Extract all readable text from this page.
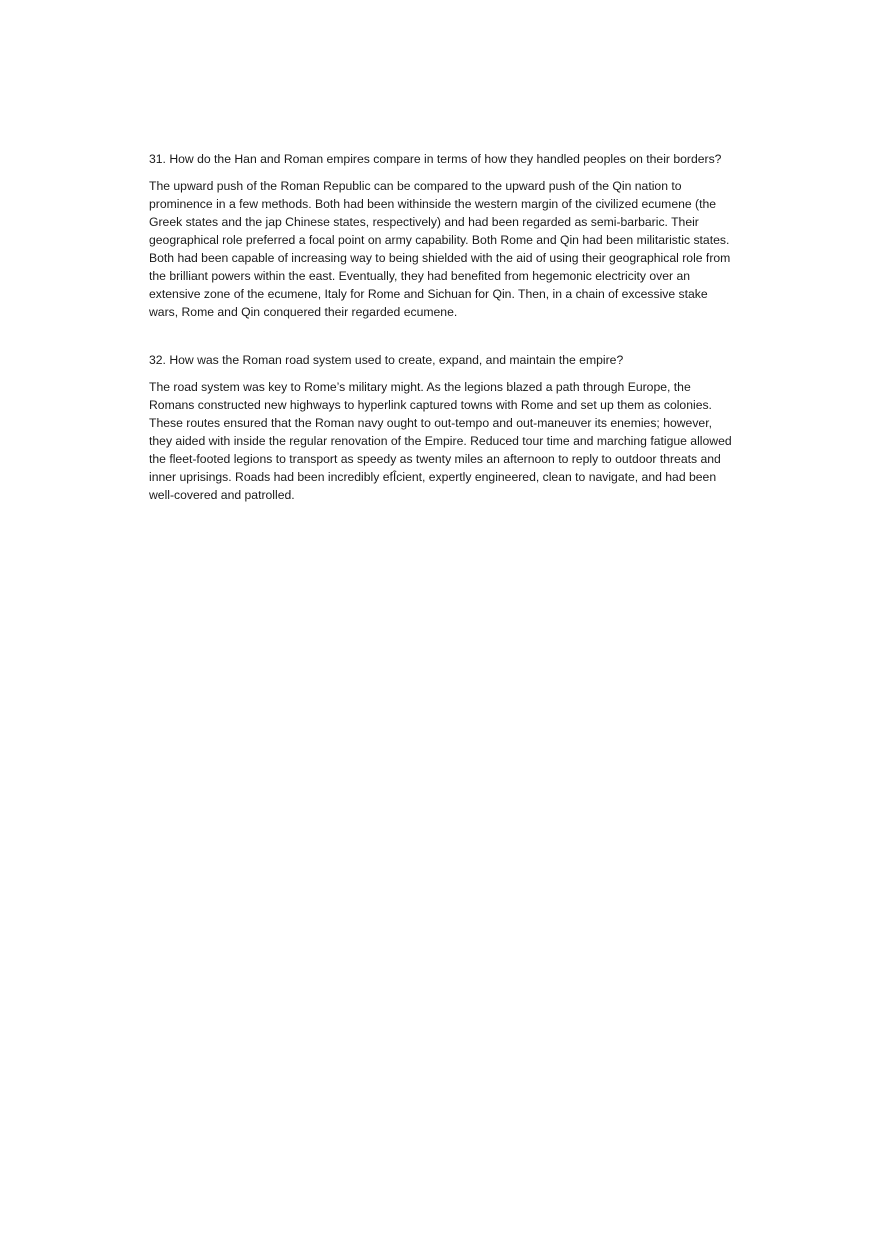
31. How do the Han and Roman empires compare in terms of how they handled peoples on their borders?

The upward push of the Roman Republic can be compared to the upward push of the Qin nation to prominence in a few methods. Both had been withinside the western margin of the civilized ecumene (the Greek states and the jap Chinese states, respectively) and had been regarded as semi-barbaric. Their geographical role preferred a focal point on army capability. Both Rome and Qin had been militaristic states. Both had been capable of increasing way to being shielded with the aid of using their geographical role from the brilliant powers within the east. Eventually, they had benefited from hegemonic electricity over an extensive zone of the ecumene, Italy for Rome and Sichuan for Qin. Then, in a chain of excessive stake wars, Rome and Qin conquered their regarded ecumene.

32. How was the Roman road system used to create, expand, and maintain the empire?

The road system was key to Rome’s military might. As the legions blazed a path through Europe, the Romans constructed new highways to hyperlink captured towns with Rome and set up them as colonies. These routes ensured that the Roman navy ought to out-tempo and out-maneuver its enemies; however, they aided with inside the regular renovation of the Empire. Reduced tour time and marching fatigue allowed the fleet-footed legions to transport as speedy as twenty miles an afternoon to reply to outdoor threats and inner uprisings. Roads had been incredibly efÎcient, expertly engineered, clean to navigate, and had been well-covered and patrolled.
